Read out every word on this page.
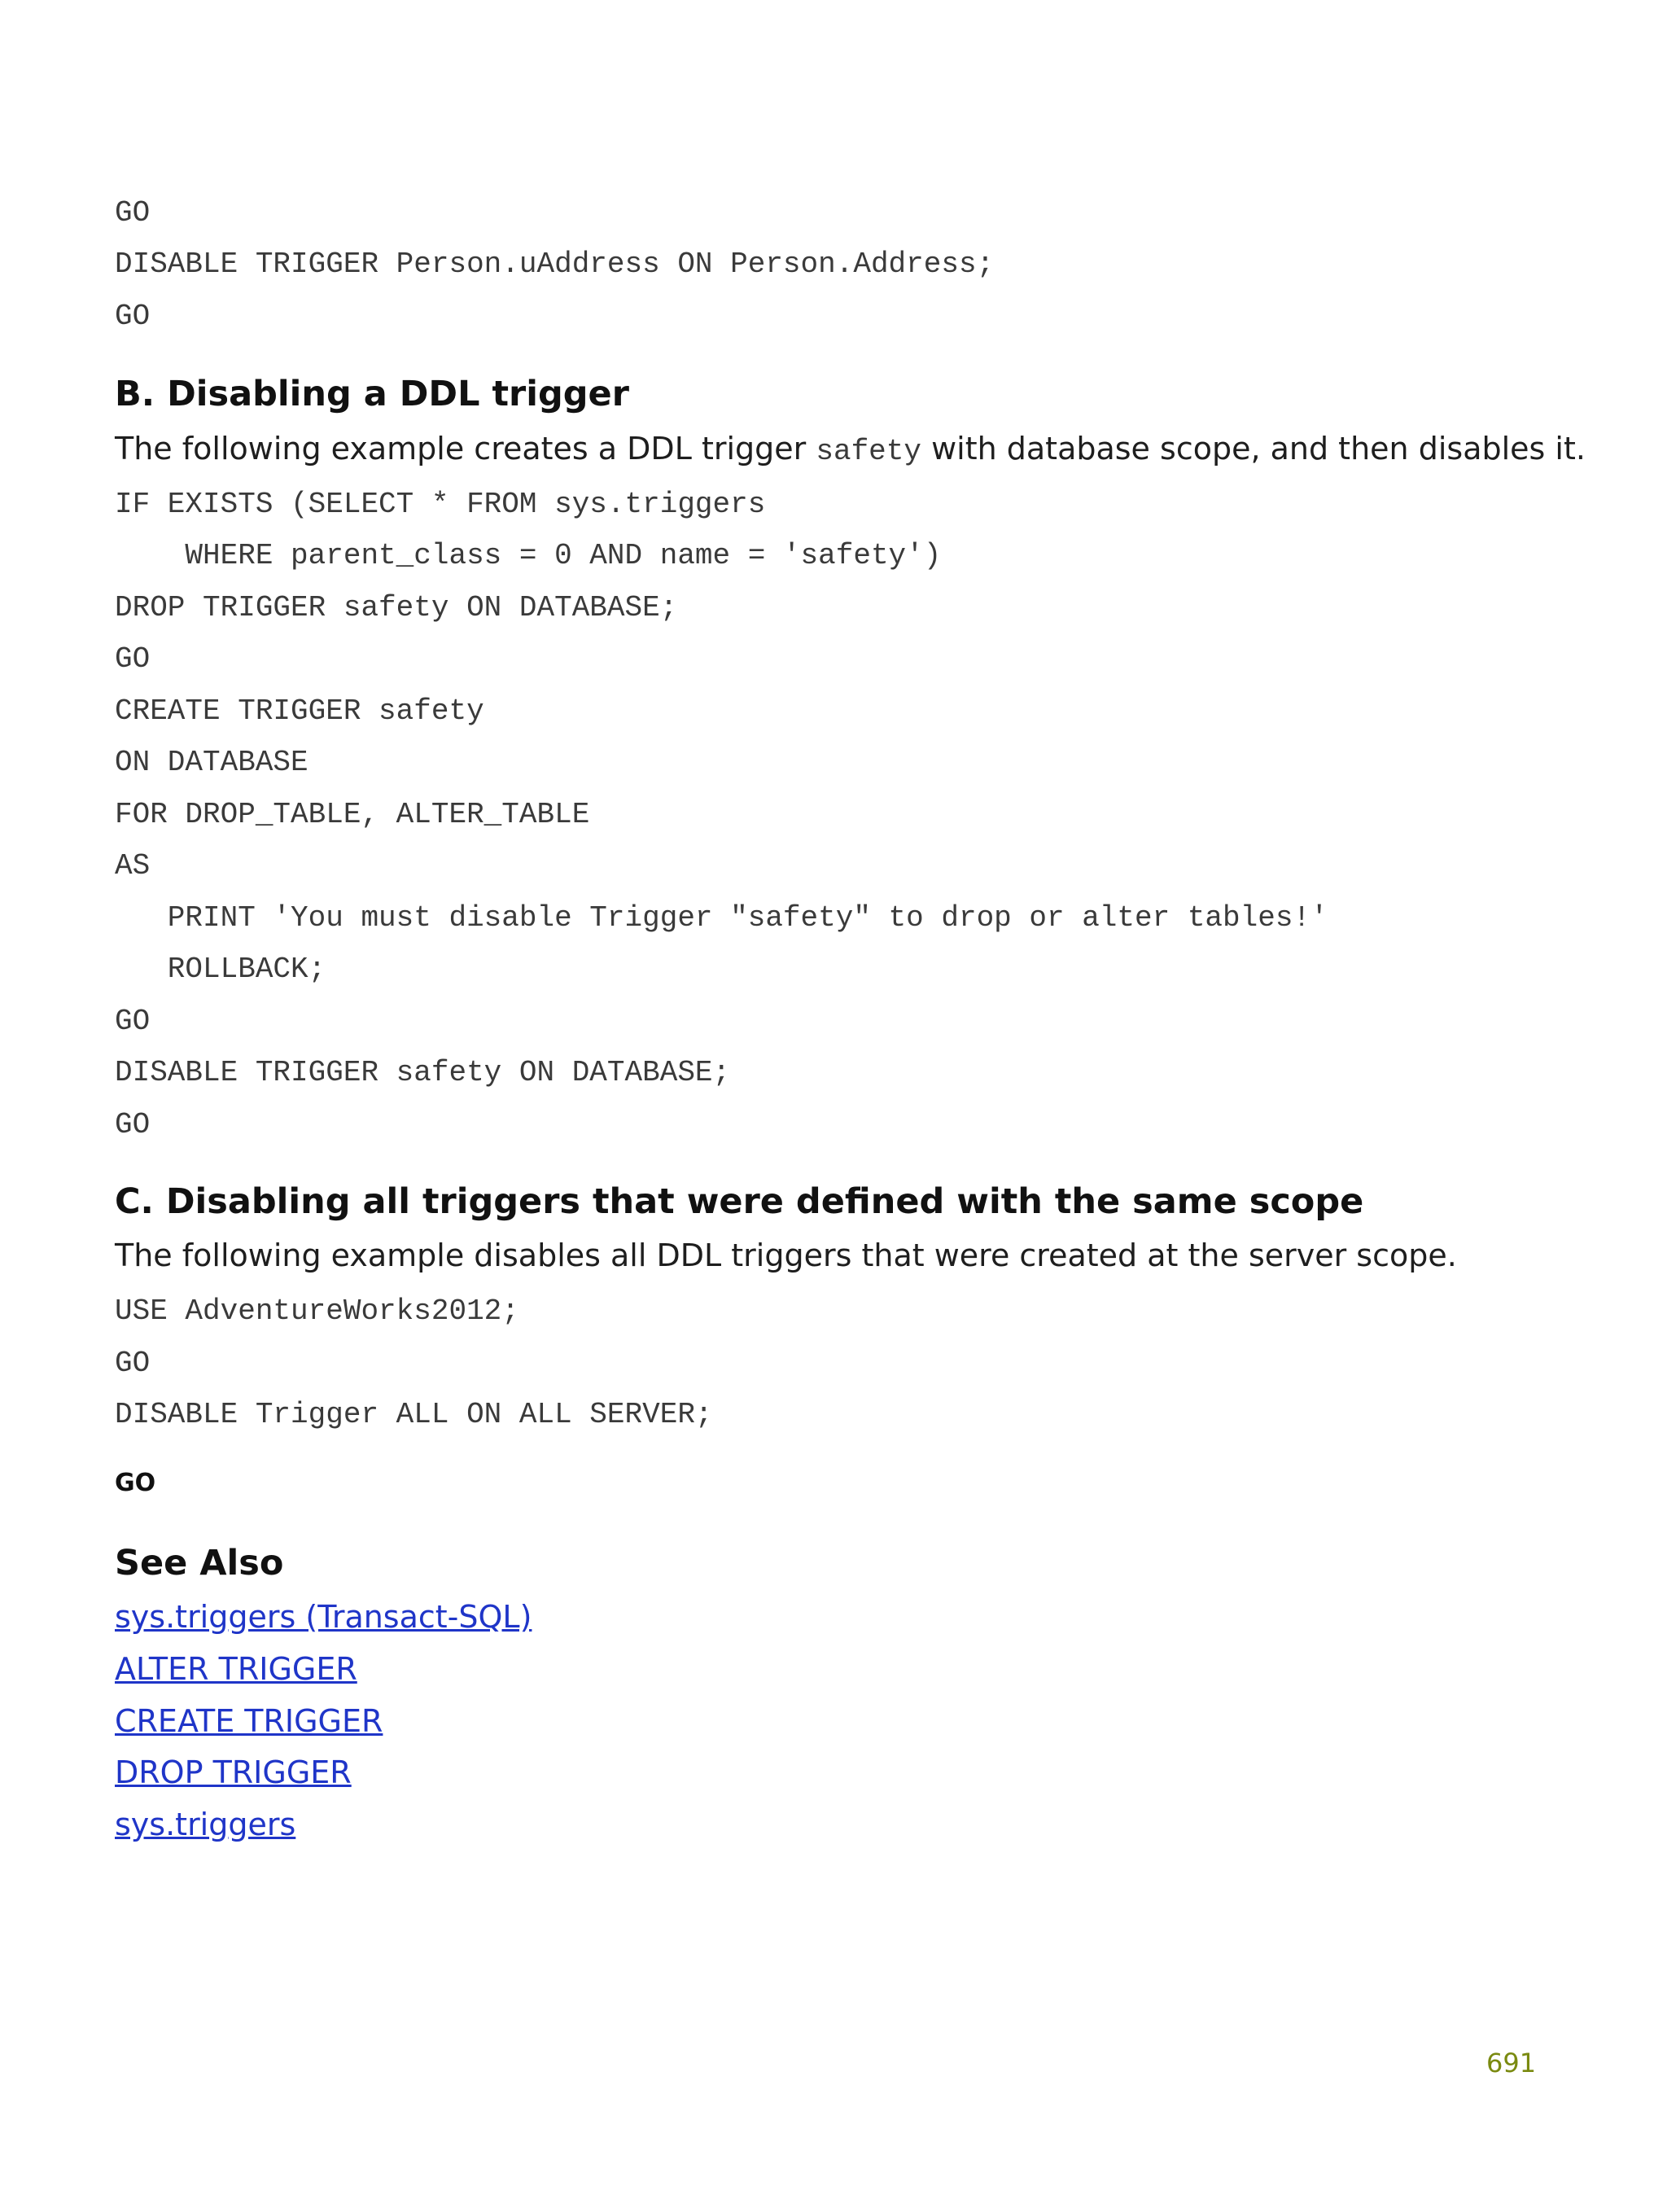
GO
DISABLE TRIGGER Person.uAddress ON Person.Address;
GO
B. Disabling a DDL trigger

The following example creates a DDL trigger safety with database scope, and then disables it.

IF EXISTS (SELECT * FROM sys.triggers
WHERE parent_class = 0 AND name = 'safety')
DROP TRIGGER safety ON DATABASE;
GO
CREATE TRIGGER safety
ON DATABASE
FOR DROP_TABLE, ALTER_TABLE
AS
PRINT 'You must disable Trigger "safety" to drop or alter tables!'
ROLLBACK;
GO
DISABLE TRIGGER safety ON DATABASE;
GO
C. Disabling all triggers that were defined with the same scope

The following example disables all DDL triggers that were created at the server scope.

USE AdventureWorks2012;
GO
DISABLE Trigger ALL ON ALL SERVER;

GO

See Also
sys.triggers (Transact-SQL)
ALTER TRIGGER
CREATE TRIGGER
DROP TRIGGER
sys.triggers
691
